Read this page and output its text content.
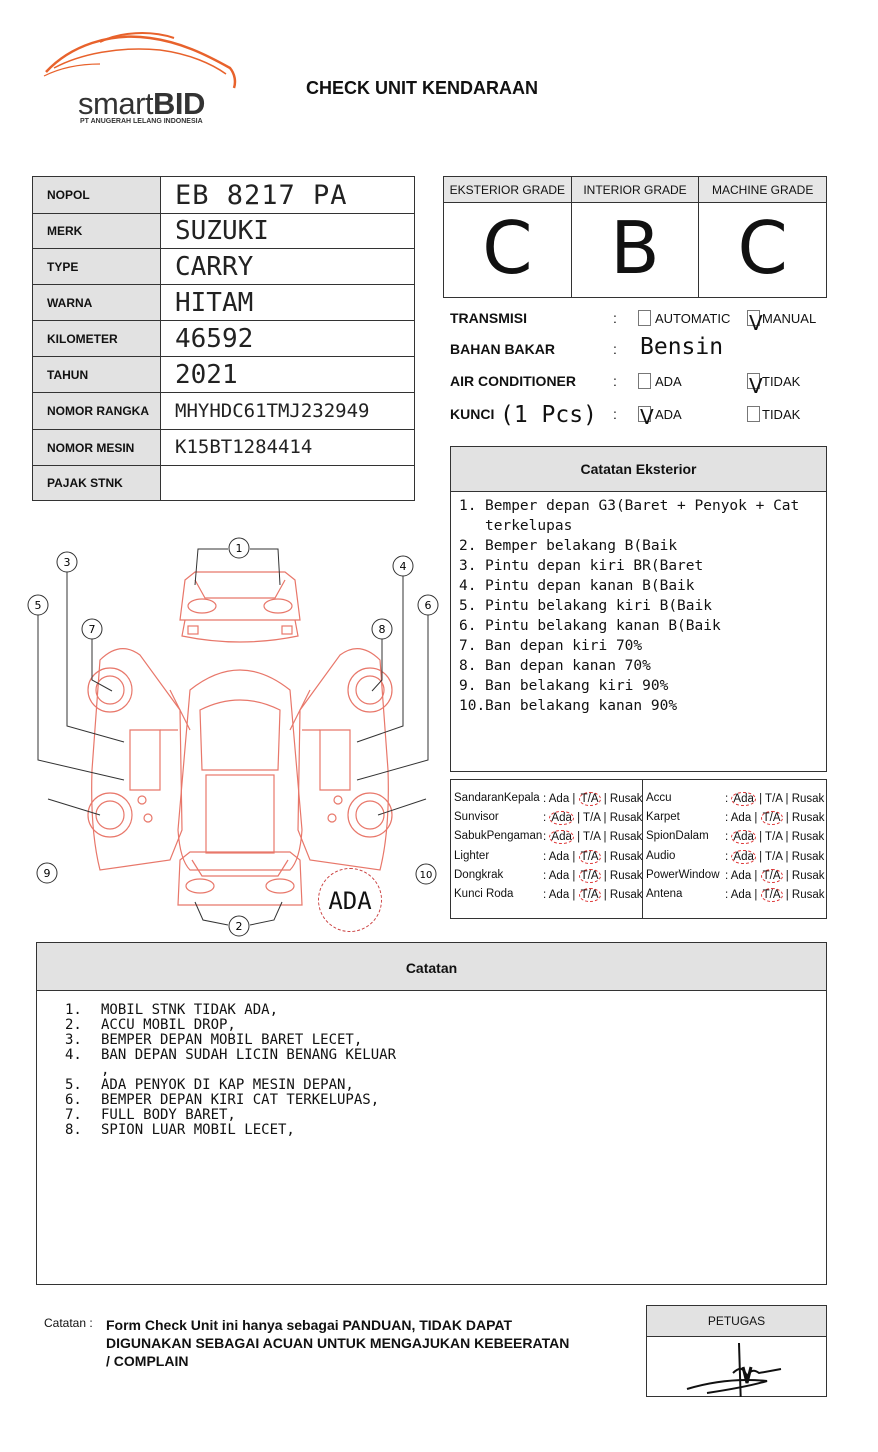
smartBID
PT ANUGERAH LELANG INDONESIA
CHECK UNIT KENDARAAN
NOPOL	EB 8217 PA
MERK	SUZUKI
TYPE	CARRY
WARNA	HITAM
KILOMETER	46592
TAHUN	2021
NOMOR RANGKA	MHYHDC61TMJ232949
NOMOR MESIN	K15BT1284414
PAJAK STNK	
EKSTERIOR GRADE
C
INTERIOR GRADE
B
MACHINE GRADE
C
TRANSMISI	:	AUTOMATIC V MANUAL
BAHAN BAKAR	: Bensin
AIR CONDITIONER	:	ADA	V TIDAK
KUNCI (1 Pcs) : V ADA	TIDAK
Catatan Eksterior
1. Bemper depan G3(Baret + Penyok + Cat terkelupas
2. Bemper belakang B(Baik
3. Pintu depan kiri BR(Baret
4. Pintu depan kanan B(Baik
5. Pintu belakang kiri B(Baik
6. Pintu belakang kanan B(Baik
7. Ban depan kiri 70%
8. Ban depan kanan 70%
9. Ban belakang kiri 90%
10. Ban belakang kanan 90%
SandaranKepala : Ada | T/A | Rusak
Sunvisor	: Ada | T/A | Rusak
SabukPengaman : Ada | T/A | Rusak
Lighter	: Ada | T/A | Rusak
Dongkrak	: Ada | T/A | Rusak
Kunci Roda	: Ada | T/A | Rusak
Accu	: Ada | T/A | Rusak
Karpet	: Ada | T/A | Rusak
SpionDalam : Ada | T/A | Rusak
Audio	: Ada | T/A | Rusak
PowerWindow : Ada | T/A | Rusak
Antena	: Ada | T/A | Rusak
1
2
3	4
5	6
7	8
9	10
ADA
Catatan
1.	MOBIL STNK TIDAK ADA,
2.	ACCU MOBIL DROP,
3.	BEMPER DEPAN MOBIL BARET LECET,
4.	BAN DEPAN SUDAH LICIN BENANG KELUAR
,
5.	ADA PENYOK DI KAP MESIN DEPAN,
6.	BEMPER DEPAN KIRI CAT TERKELUPAS,
7.	FULL BODY BARET,
8.	SPION LUAR MOBIL LECET,
Catatan : Form Check Unit ini hanya sebagai PANDUAN, TIDAK DAPAT DIGUNAKAN SEBAGAI ACUAN UNTUK MENGAJUKAN KEBEERATAN / COMPLAIN
PETUGAS
